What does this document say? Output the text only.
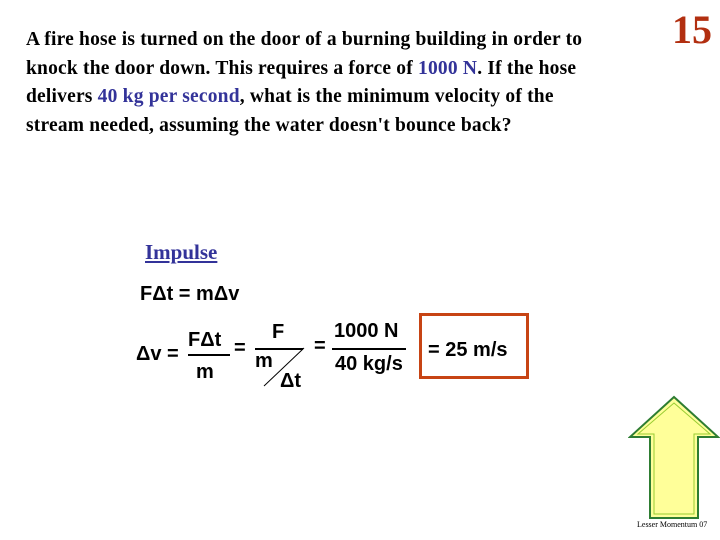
A fire hose is turned on the door of a burning building in order to knock the door down. This requires a force of 1000 N. If the hose delivers 40 kg per second, what is the minimum velocity of the stream needed, assuming the water doesn't bounce back?
15
Impulse
FΔt = mΔv
Δv =
FΔt
m
=
F
m
Δt
=
1000 N
40 kg/s
= 25 m/s
Lesser Momentum 07
